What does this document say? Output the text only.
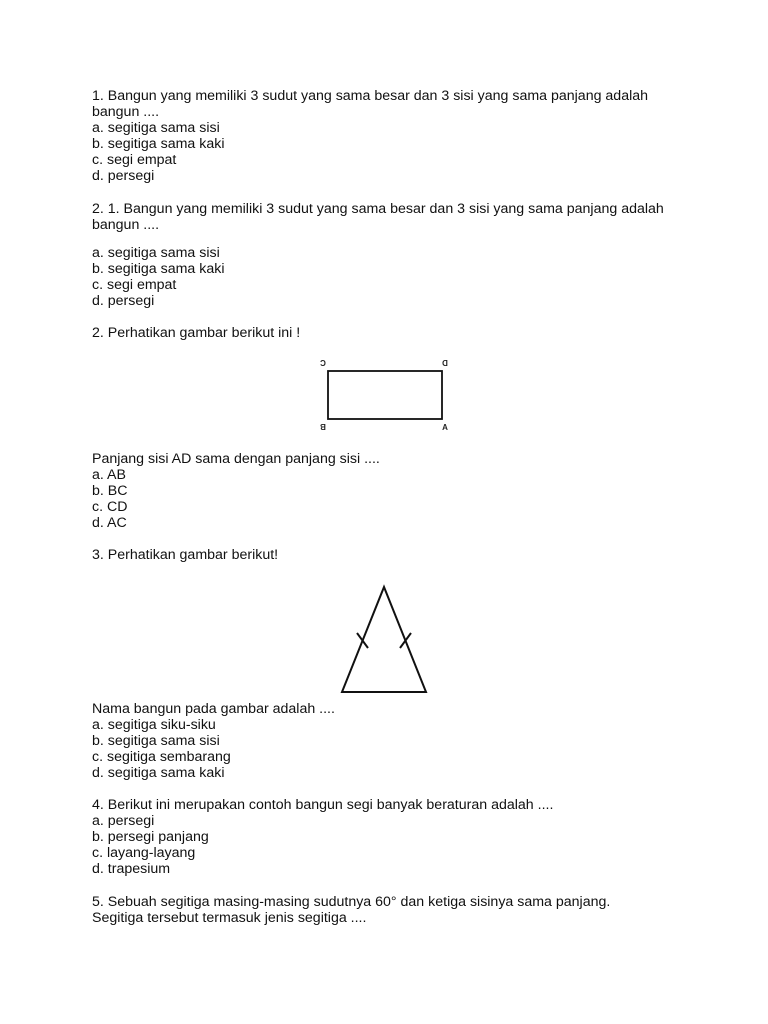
1. Bangun yang memiliki 3 sudut yang sama besar dan 3 sisi yang sama panjang adalah bangun ....

a. segitiga sama sisi
b. segitiga sama kaki
c. segi empat
d. persegi

2. 1. Bangun yang memiliki 3 sudut yang sama besar dan 3 sisi yang sama panjang adalah bangun ....

a. segitiga sama sisi
b. segitiga sama kaki
c. segi empat
d. persegi

2. Perhatikan gambar berikut ini !

C	D
B	A

Panjang sisi AD sama dengan panjang sisi ....

a. AB
b. BC
c. CD
d. AC

3. Perhatikan gambar berikut!

Nama bangun pada gambar adalah ....

a. segitiga siku-siku
b. segitiga sama sisi
c. segitiga sembarang
d. segitiga sama kaki

4. Berikut ini merupakan contoh bangun segi banyak beraturan adalah ....

a. persegi
b. persegi panjang
c. layang-layang
d. trapesium
5. Sebuah segitiga masing-masing sudutnya 60° dan ketiga sisinya sama panjang.
Segitiga tersebut termasuk jenis segitiga ....
